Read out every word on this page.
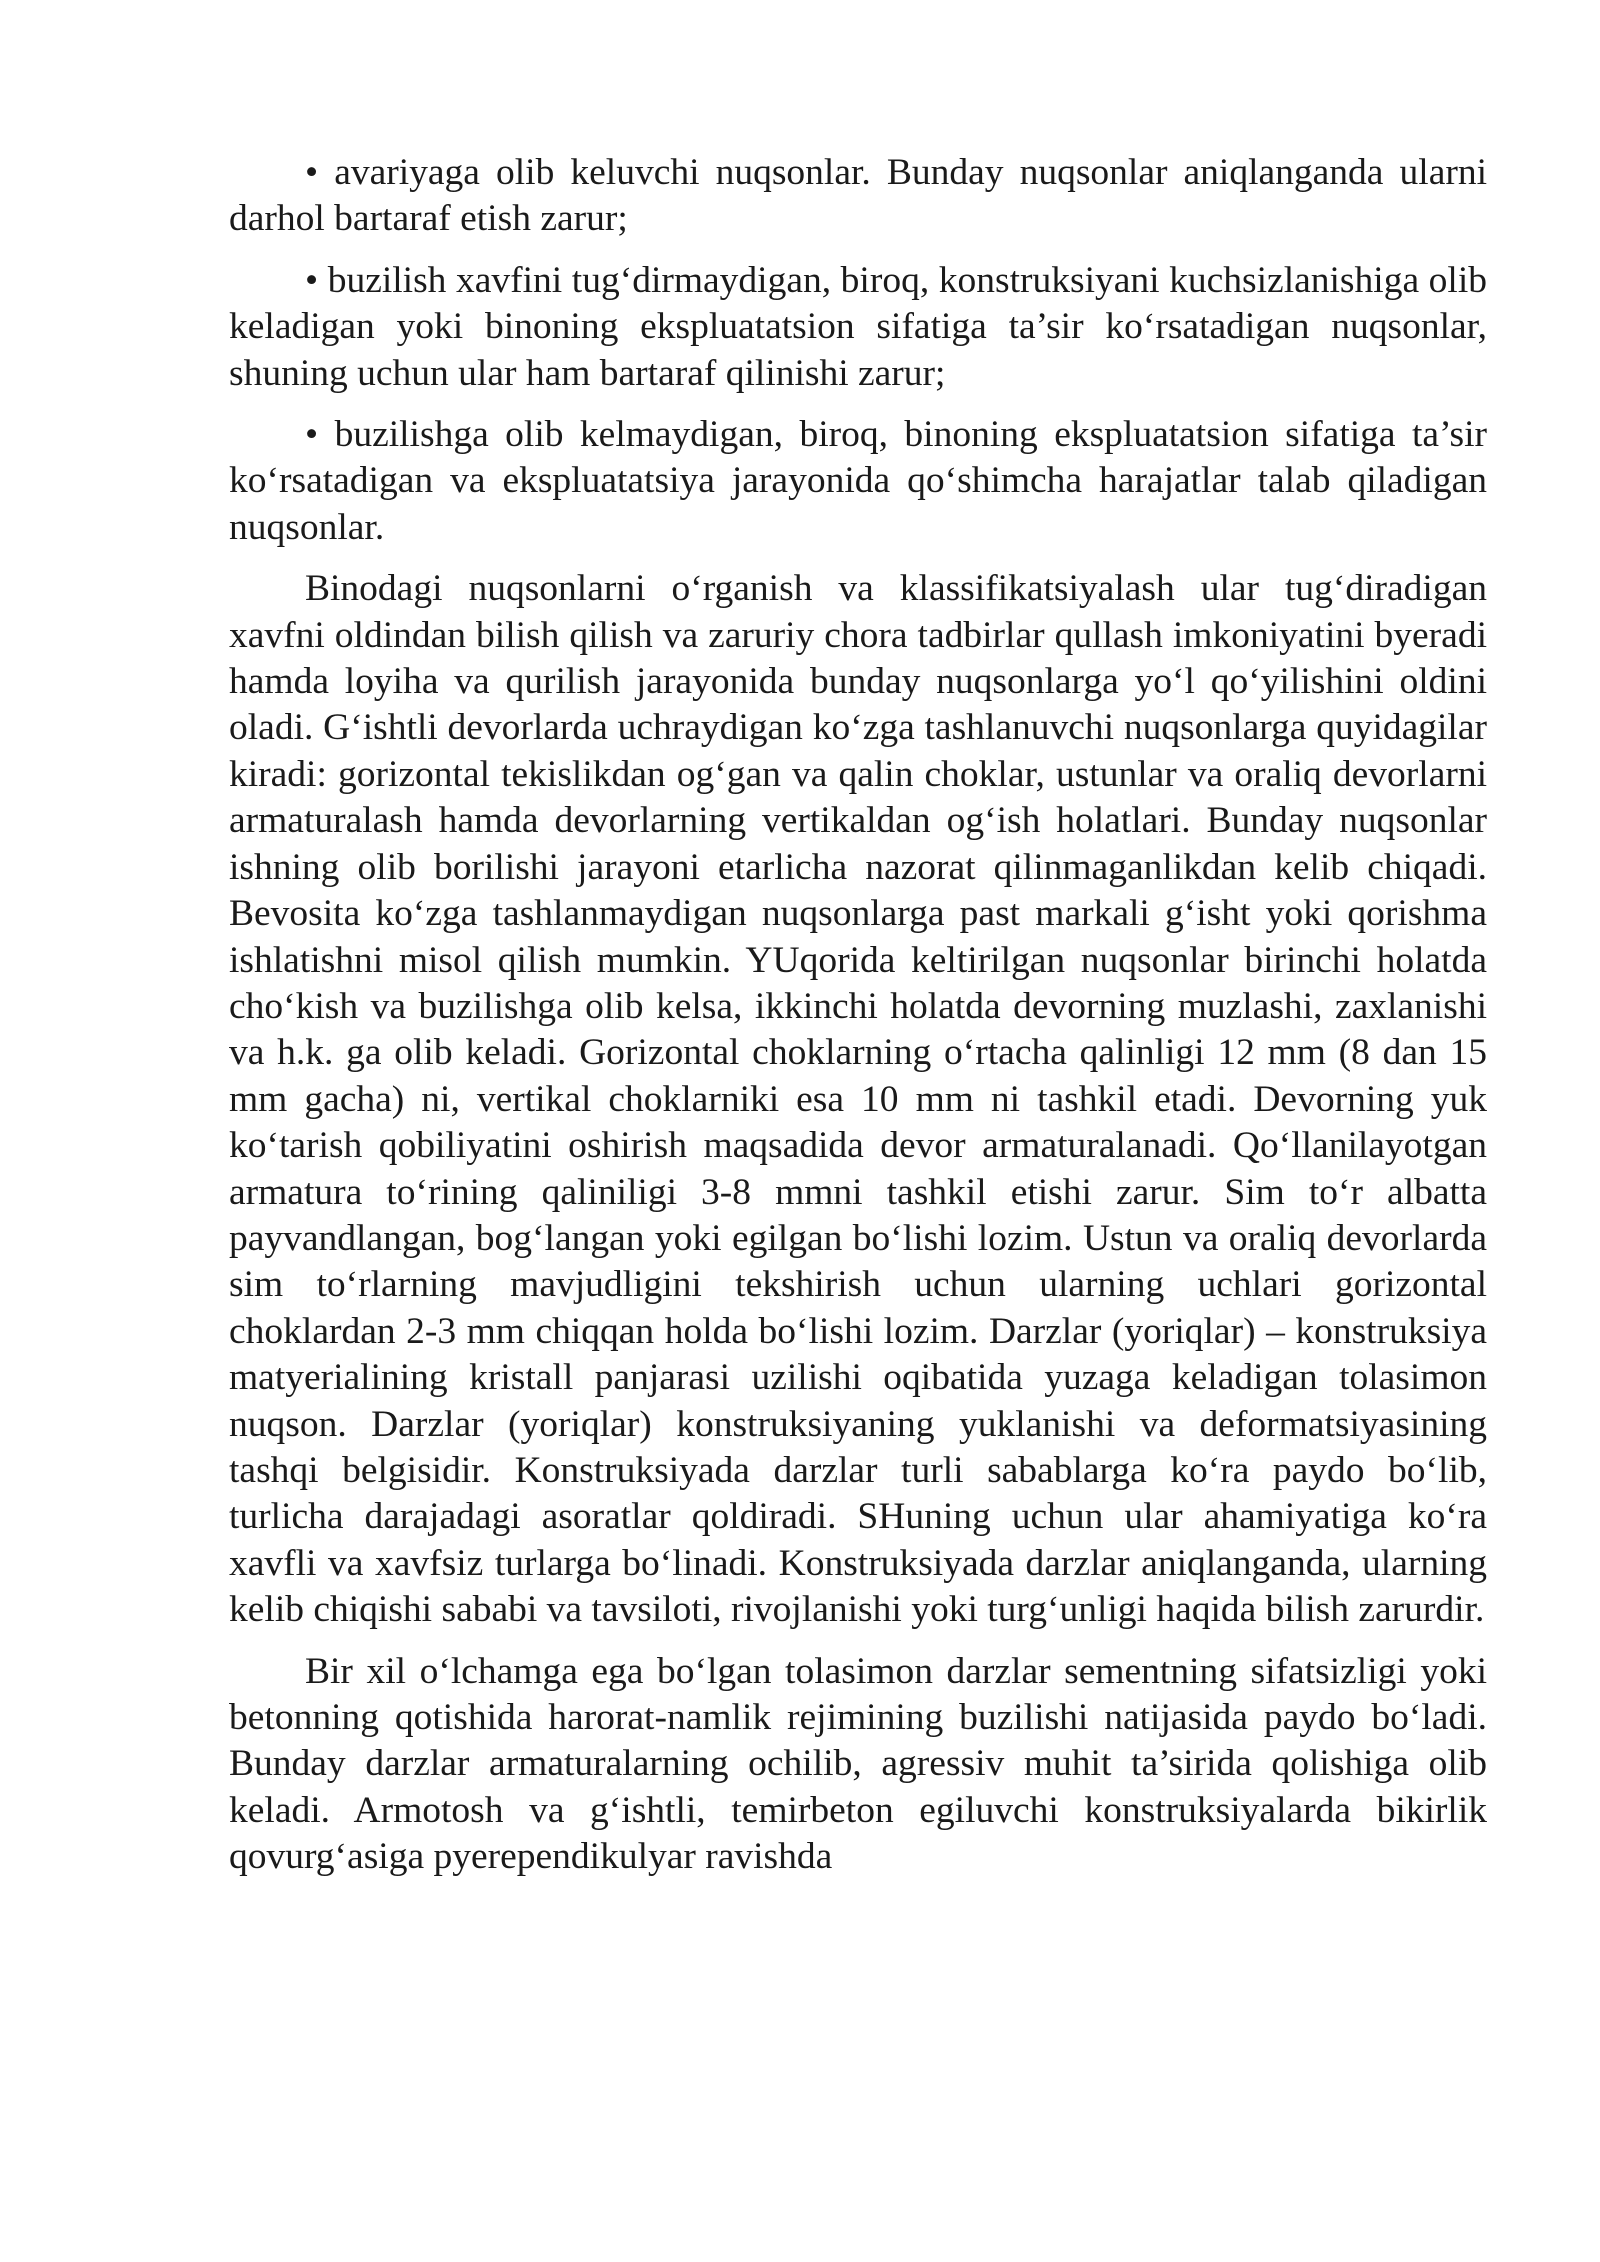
• avariyaga olib keluvchi nuqsonlar. Bunday nuqsonlar aniqlanganda ularni darhol bartaraf etish zarur;

• buzilish xavfini tug‘dirmaydigan, biroq, konstruksiyani kuchsizlanishiga olib keladigan yoki binoning ekspluatatsion sifatiga ta’sir ko‘rsatadigan nuqsonlar, shuning uchun ular ham bartaraf qilinishi zarur;

• buzilishga olib kelmaydigan, biroq, binoning ekspluatatsion sifatiga ta’sir ko‘rsatadigan va ekspluatatsiya jarayonida qo‘shimcha harajatlar talab qiladigan nuqsonlar.

Binodagi nuqsonlarni o‘rganish va klassifikatsiyalash ular tug‘diradigan xavfni oldindan bilish qilish va zaruriy chora tadbirlar qullash imkoniyatini byeradi hamda loyiha va qurilish jarayonida bunday nuqsonlarga yo‘l qo‘yilishini oldini oladi. G‘ishtli devorlarda uchraydigan ko‘zga tashlanuvchi nuqsonlarga quyidagilar kiradi: gorizontal tekislikdan og‘gan va qalin choklar, ustunlar va oraliq devorlarni armaturalash hamda devorlarning vertikaldan og‘ish holatlari. Bunday nuqsonlar ishning olib borilishi jarayoni etarlicha nazorat qilinmaganlikdan kelib chiqadi. Bevosita ko‘zga tashlanmaydigan nuqsonlarga past markali g‘isht yoki qorishma ishlatishni misol qilish mumkin. YUqorida keltirilgan nuqsonlar birinchi holatda cho‘kish va buzilishga olib kelsa, ikkinchi holatda devorning muzlashi, zaxlanishi va h.k. ga olib keladi. Gorizontal choklarning o‘rtacha qalinligi 12 mm (8 dan 15 mm gacha) ni, vertikal choklarniki esa 10 mm ni tashkil etadi. Devorning yuk ko‘tarish qobiliyatini oshirish maqsadida devor armaturalanadi. Qo‘llanilayotgan armatura to‘rining qaliniligi 3-8 mmni tashkil etishi zarur. Sim to‘r albatta payvandlangan, bog‘langan yoki egilgan bo‘lishi lozim. Ustun va oraliq devorlarda sim to‘rlarning mavjudligini tekshirish uchun ularning uchlari gorizontal choklardan 2-3 mm chiqqan holda bo‘lishi lozim. Darzlar (yoriqlar) – konstruksiya matyerialining kristall panjarasi uzilishi oqibatida yuzaga keladigan tolasimon nuqson. Darzlar (yoriqlar) konstruksiyaning yuklanishi va deformatsiyasining tashqi belgisidir. Konstruksiyada darzlar turli sabablarga ko‘ra paydo bo‘lib, turlicha darajadagi asoratlar qoldiradi. SHuning uchun ular ahamiyatiga ko‘ra xavfli va xavfsiz turlarga bo‘linadi. Konstruksiyada darzlar aniqlanganda, ularning kelib chiqishi sababi va tavsiloti, rivojlanishi yoki turg‘unligi haqida bilish zarurdir.

Bir xil o‘lchamga ega bo‘lgan tolasimon darzlar sementning sifatsizligi yoki betonning qotishida harorat-namlik rejimining buzilishi natijasida paydo bo‘ladi. Bunday darzlar armaturalarning ochilib, agressiv muhit ta’sirida qolishiga olib keladi. Armotosh va g‘ishtli, temirbeton egiluvchi konstruksiyalarda bikirlik qovurg‘asiga pyerependikulyar ravishda
